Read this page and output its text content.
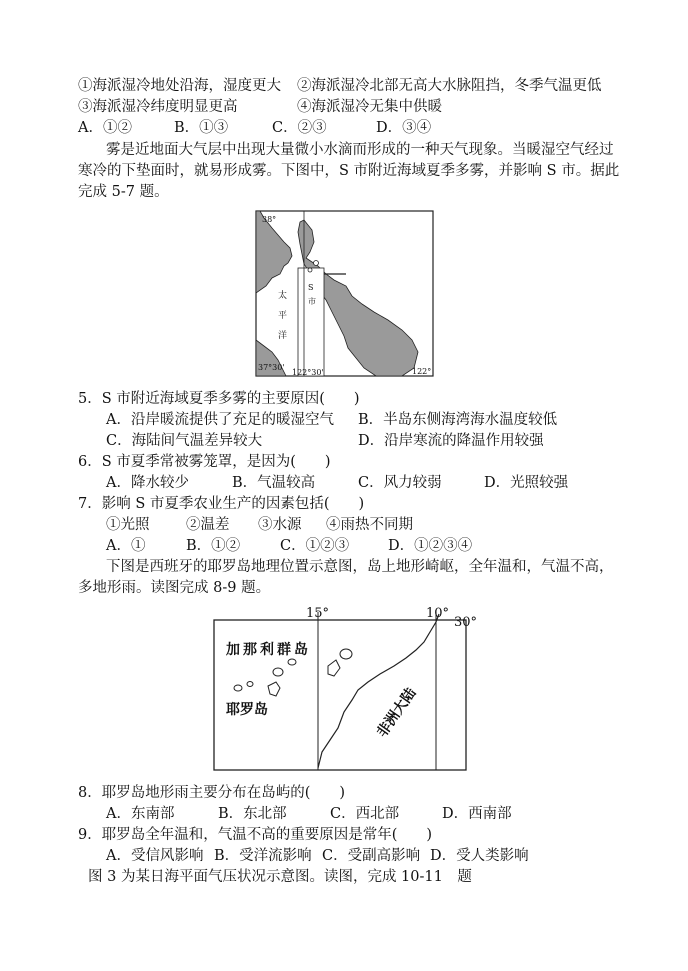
①海派湿冷地处沿海，湿度更大 ②海派湿冷北部无高大水脉阻挡，冬季气温更低
③海派湿冷纬度明显更高	④海派湿冷无集中供暖
A．①②	B．①③	C．②③	D．③④
雾是近地面大气层中出现大量微小水滴而形成的一种天气现象。当暖湿空气经过
寒冷的下垫面时，就易形成雾。下图中，S 市附近海域夏季多雾，并影响 S 市。据此
完成 5-7 题。
38°
37°30'
122°30'	122°
太
平
洋
S
市
5．S 市附近海域夏季多雾的主要原因(　　)
A．沿岸暖流提供了充足的暖湿空气 B．半岛东侧海湾海水温度较低
C．海陆间气温差异较大	D．沿岸寒流的降温作用较强
6．S 市夏季常被雾笼罩，是因为(　　)
A．降水较少	B．气温较高	C．风力较弱	D．光照较强
7．影响 S 市夏季农业生产的因素包括(　　)
①光照	②温差 ③水源 ④雨热不同期
A．①	B．①②	C．①②③	D．①②③④
下图是西班牙的耶罗岛地理位置示意图，岛上地形崎岖，全年温和，气温不高，
多地形雨。读图完成 8-9 题。
15°	10°
30°
加那利群岛
耶罗岛	非洲大陆
8．耶罗岛地形雨主要分布在岛屿的(　　)
A．东南部	B．东北部	C．西北部	D．西南部
9．耶罗岛全年温和，气温不高的重要原因是常年(　　)
A．受信风影响 B．受洋流影响 C．受副高影响 D．受人类影响
图 3 为某日海平面气压状况示意图。读图，完成 10-11　题
